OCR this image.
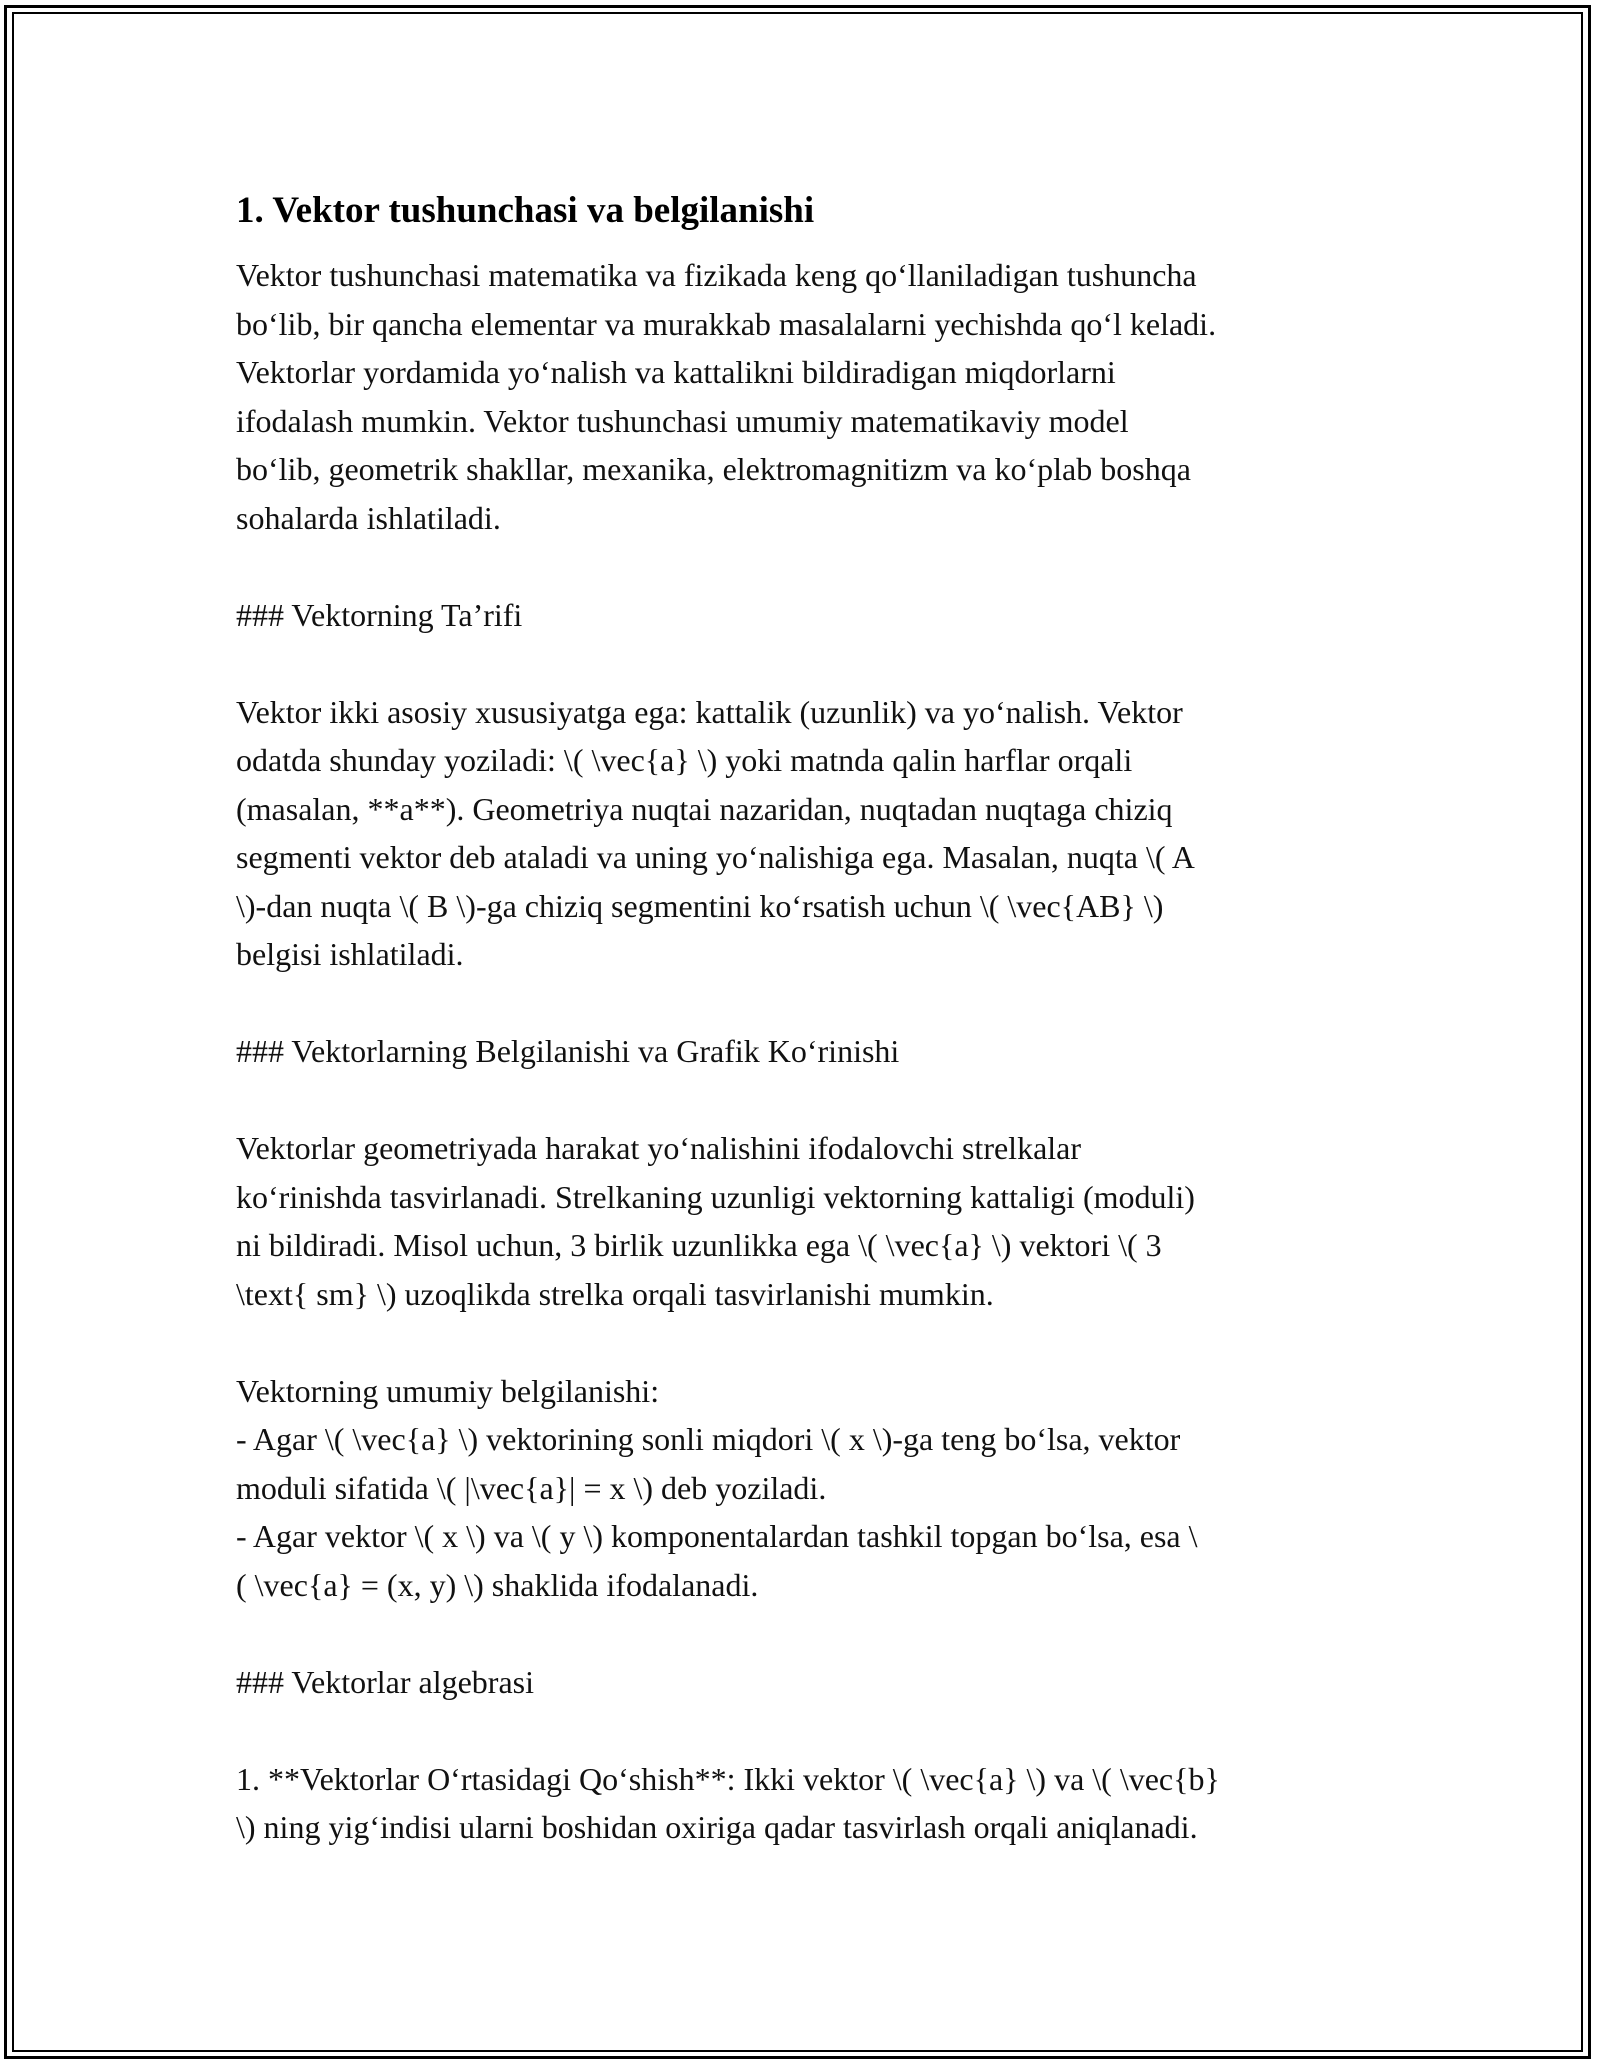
1. Vektor tushunchasi va belgilanishi

Vektor tushunchasi matematika va fizikada keng qo‘llaniladigan tushuncha
bo‘lib, bir qancha elementar va murakkab masalalarni yechishda qo‘l keladi.
Vektorlar yordamida yo‘nalish va kattalikni bildiradigan miqdorlarni
ifodalash mumkin. Vektor tushunchasi umumiy matematikaviy model
bo‘lib, geometrik shakllar, mexanika, elektromagnitizm va ko‘plab boshqa
sohalarda ishlatiladi.

### Vektorning Ta’rifi

Vektor ikki asosiy xususiyatga ega: kattalik (uzunlik) va yo‘nalish. Vektor
odatda shunday yoziladi: \( \vec{a} \) yoki matnda qalin harflar orqali
(masalan, **a**). Geometriya nuqtai nazaridan, nuqtadan nuqtaga chiziq
segmenti vektor deb ataladi va uning yo‘nalishiga ega. Masalan, nuqta \( A
\)-dan nuqta \( B \)-ga chiziq segmentini ko‘rsatish uchun \( \vec{AB} \)
belgisi ishlatiladi.

### Vektorlarning Belgilanishi va Grafik Ko‘rinishi

Vektorlar geometriyada harakat yo‘nalishini ifodalovchi strelkalar
ko‘rinishda tasvirlanadi. Strelkaning uzunligi vektorning kattaligi (moduli)
ni bildiradi. Misol uchun, 3 birlik uzunlikka ega \( \vec{a} \) vektori \( 3
\text{ sm} \) uzoqlikda strelka orqali tasvirlanishi mumkin.

Vektorning umumiy belgilanishi:
- Agar \( \vec{a} \) vektorining sonli miqdori \( x \)-ga teng bo‘lsa, vektor
moduli sifatida \( |\vec{a}| = x \) deb yoziladi.
- Agar vektor \( x \) va \( y \) komponentalardan tashkil topgan bo‘lsa, esa \
( \vec{a} = (x, y) \) shaklida ifodalanadi.

### Vektorlar algebrasi

1. **Vektorlar O‘rtasidagi Qo‘shish**: Ikki vektor \( \vec{a} \) va \( \vec{b}
\) ning yig‘indisi ularni boshidan oxiriga qadar tasvirlash orqali aniqlanadi.
